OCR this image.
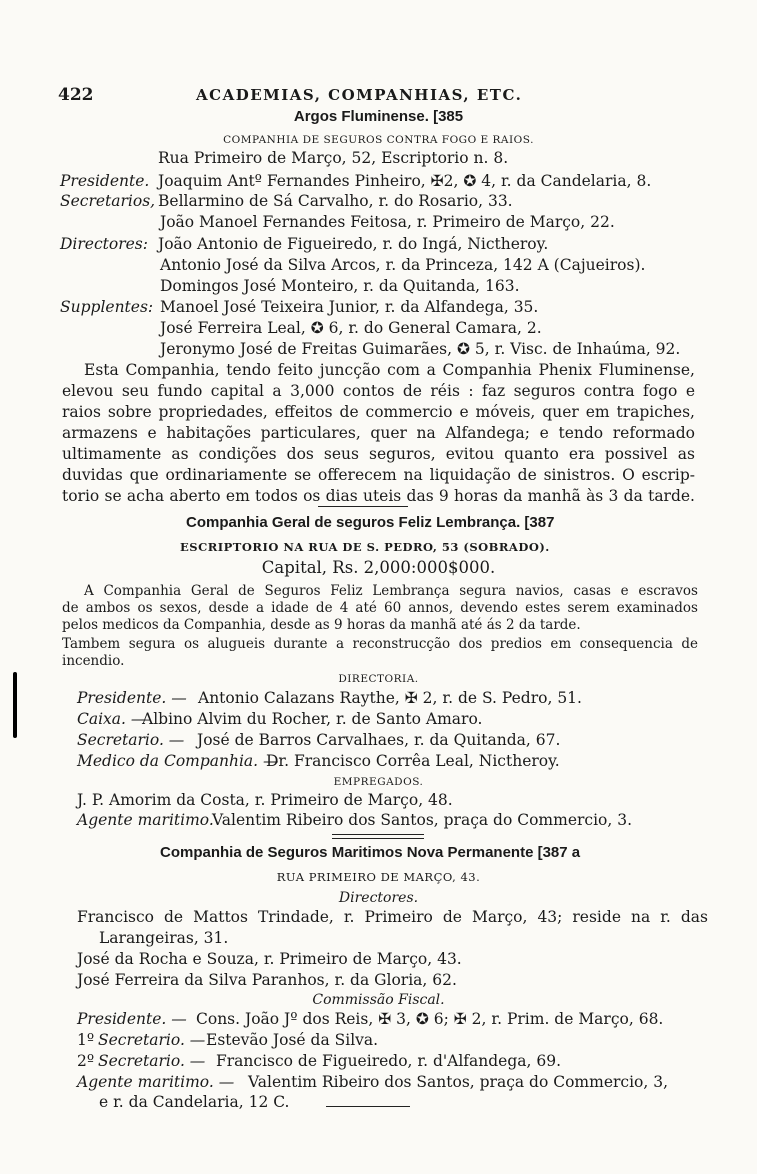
422	ACADEMIAS, COMPANHIAS, ETC.
Argos Fluminense. [385
COMPANHIA DE SEGUROS CONTRA FOGO E RAIOS.
Rua Primeiro de Março, 52, Escriptorio n. 8.
Presidente. Joaquim Antº Fernandes Pinheiro, ✠2, ✪ 4, r. da Candelaria, 8.
Secretarios, Bellarmino de Sá Carvalho, r. do Rosario, 33.
João Manoel Fernandes Feitosa, r. Primeiro de Março, 22.
Directores: João Antonio de Figueiredo, r. do Ingá, Nictheroy.
Antonio José da Silva Arcos, r. da Princeza, 142 A (Cajueiros).
Domingos José Monteiro, r. da Quitanda, 163.
Supplentes: Manoel José Teixeira Junior, r. da Alfandega, 35.
José Ferreira Leal, ✪ 6, r. do General Camara, 2.
Jeronymo José de Freitas Guimarães, ✪ 5, r. Visc. de Inhaúma, 92.
Esta Companhia, tendo feito juncção com a Companhia Phenix Fluminense,
elevou seu fundo capital a 3,000 contos de réis : faz seguros contra fogo e
raios sobre propriedades, effeitos de commercio e móveis, quer em trapiches,
armazens e habitações particulares, quer na Alfandega; e tendo reformado
ultimamente as condições dos seus seguros, evitou quanto era possivel as
duvidas que ordinariamente se offerecem na liquidação de sinistros. O escrip-
torio se acha aberto em todos os dias uteis das 9 horas da manhã às 3 da tarde.
Companhia Geral de seguros Feliz Lembrança. [387
ESCRIPTORIO NA RUA DE S. PEDRO, 53 (SOBRADO).
Capital, Rs. 2,000:000$000.
A Companhia Geral de Seguros Feliz Lembrança segura navios, casas e escravos
de ambos os sexos, desde a idade de 4 até 60 annos, devendo estes serem examinados
pelos medicos da Companhia, desde as 9 horas da manhã até ás 2 da tarde.
Tambem segura os alugueis durante a reconstrucção dos predios em consequencia de
incendio.
DIRECTORIA.
Presidente. — Antonio Calazans Raythe, ✠ 2, r. de S. Pedro, 51.
Caixa. —
Albino Alvim du Rocher, r. de Santo Amaro.
Secretario. — José de Barros Carvalhaes, r. da Quitanda, 67.
Medico da Companhia. —
Dr. Francisco Corrêa Leal, Nictheroy.
EMPREGADOS.
J. P. Amorim da Costa, r. Primeiro de Março, 48.
Agente maritimo.
Valentim Ribeiro dos Santos, praça do Commercio, 3.
Companhia de Seguros Maritimos Nova Permanente [387 a
RUA PRIMEIRO DE MARÇO, 43.
Directores.
Francisco de Mattos Trindade, r. Primeiro de Março, 43; reside na r. das
Larangeiras, 31.
José da Rocha e Souza, r. Primeiro de Março, 43.
José Ferreira da Silva Paranhos, r. da Gloria, 62.
Commissão Fiscal.
Presidente. — Cons. João Jº dos Reis, ✠ 3, ✪ 6; ✠ 2, r. Prim. de Março, 68.
1º Secretario. — Estevão José da Silva.
2º Secretario. — Francisco de Figueiredo, r. d'Alfandega, 69.
Agente maritimo. — Valentim Ribeiro dos Santos, praça do Commercio, 3,
e r. da Candelaria, 12 C.
